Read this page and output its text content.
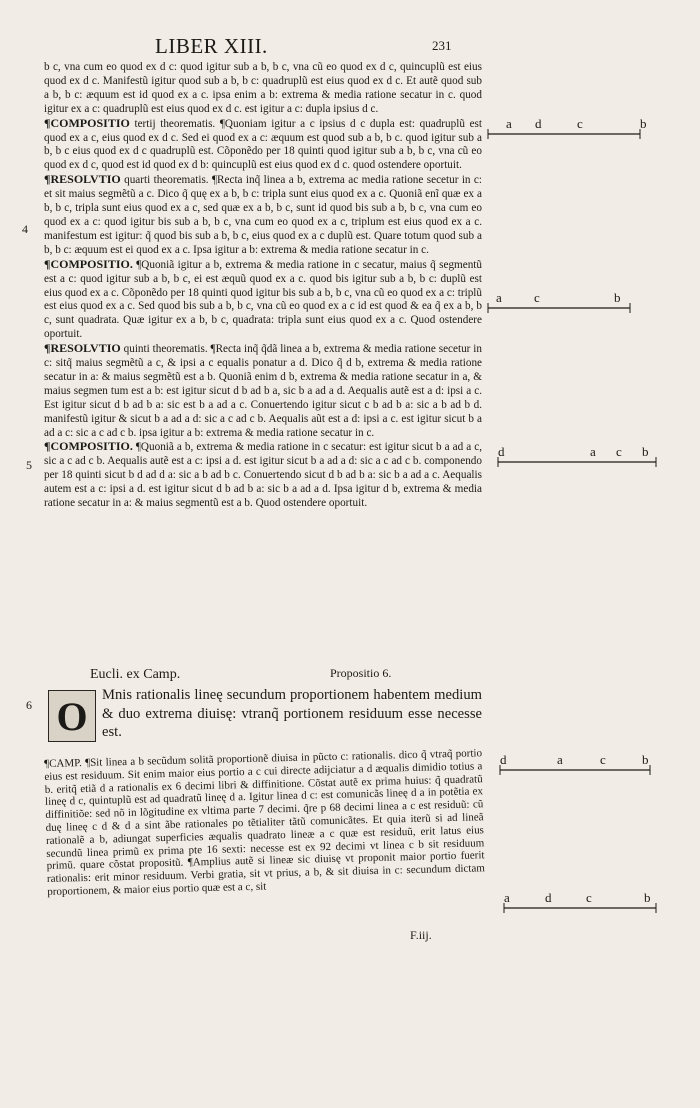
LIBER XIII.	231
4
5
6

b c, vna cum eo quod ex d c: quod igitur sub a b, b c, vna cũ eo quod ex d c, quincuplũ est eius quod ex d c. Manifestũ igitur quod sub a b, b c: quadruplũ est eius quod ex d c. Et autẽ quod sub a b, b c: æquum est id quod ex a c. ipsa enim a b: extrema & media ratione secatur in c. quod igitur ex a c: quadruplũ est eius quod ex d c. est igitur a c: dupla ipsius d c.

¶COMPOSITIO tertij theorematis. ¶Quoniam igitur a c ipsius d c dupla est: quadruplũ est quod ex a c, eius quod ex d c. Sed ei quod ex a c: æquum est quod sub a b, b c. quod igitur sub a b, b c eius quod ex d c quadruplũ est. Cõponẽdo per 18 quinti quod igitur sub a b, b c, vna cũ eo quod ex d c, quod est id quod ex d b: quincuplũ est eius quod ex d c. quod ostendere oportuit.

¶RESOLVTIO quarti theorematis. ¶Recta inq̃ linea a b, extrema ac media ratione secetur in c: et sit maius segmẽtũ a c. Dico q̃ quę ex a b, b c: tripla sunt eius quod ex a c. Quoniã enĩ quæ ex a b, b c, tripla sunt eius quod ex a c, sed quæ ex a b, b c, sunt id quod bis sub a b, b c, vna cum eo quod ex a c: quod igitur bis sub a b, b c, vna cum eo quod ex a c, triplum est eius quod ex a c. manifestum est igitur: q̃ quod bis sub a b, b c, eius quod ex a c duplũ est. Quare totum quod sub a b, b c: æquum est ei quod ex a c. Ipsa igitur a b: extrema & media ratione secatur in c.

¶COMPOSITIO. ¶Quoniã igitur a b, extrema & media ratione in c secatur, maius q̃ segmentũ est a c: quod igitur sub a b, b c, ei est æquũ quod ex a c. quod bis igitur sub a b, b c: duplũ est eius quod ex a c. Cõponẽdo per 18 quinti quod igitur bis sub a b, b c, vna cũ eo quod ex a c: triplũ est eius quod ex a c. Sed quod bis sub a b, b c, vna cũ eo quod ex a c id est quod & ea q̃ ex a b, b c, sunt quadrata. Quæ igitur ex a b, b c, quadrata: tripla sunt eius quod ex a c. Quod ostendere oportuit.

¶RESOLVTIO quinti theorematis. ¶Recta inq̃ q̃dã linea a b, extrema & media ratione secetur in c: sitq̃ maius segmẽtũ a c, & ipsi a c equalis ponatur a d. Dico q̃ d b, extrema & media ratione secatur in a: & maius segmẽtũ est a b. Quoniã enim d b, extrema & media ratione secatur in a, & maius segmen tum est a b: est igitur sicut d b ad b a, sic b a ad a d. Aequalis autẽ est a d: ipsi a c. Est igitur sicut d b ad b a: sic est b a ad a c. Conuertendo igitur sicut c b ad b a: sic a b ad b d. manifestũ igitur & sicut b a ad a d: sic a c ad c b. Aequalis aũt est a d: ipsi a c. est igitur sicut b a ad a c: sic a c ad c b. ipsa igitur a b: extrema & media ratione secatur in c.

¶COMPOSITIO. ¶Quoniã a b, extrema & media ratione in c secatur: est igitur sicut b a ad a c, sic a c ad c b. Aequalis autẽ est a c: ipsi a d. est igitur sicut b a ad a d: sic a c ad c b. componendo per 18 quinti sicut b d ad d a: sic a b ad b c. Conuertendo sicut d b ad b a: sic b a ad a c. Aequalis autem est a c: ipsi a d. est igitur sicut d b ad b a: sic b a ad a d. Ipsa igitur d b, extrema & media ratione secatur in a: & maius segmentũ est a b. Quod ostendere oportuit.

Eucli. ex Camp.	Propositio 6.
O Mnis rationalis lineę secundum proportionem habentem medium & duo extrema diuisę: vtranq̃ portionem residuum esse necesse est.
¶CAMP. ¶Sit linea a b secũdum solitã proportionẽ diuisa in pũcto c: rationalis. dico q̃ vtraq̃ portio eius est residuum. Sit enim maior eius portio a c cui directe adijciatur a d æqualis dimidio totius a b. eritq̃ etiã d a rationalis ex 6 decimi libri & diffinitione. Cõstat autẽ ex prima huius: q̃ quadratũ lineę d c, quintuplũ est ad quadratũ lineę d a. Igitur linea d c: est comunicãs lineę d a in potẽtia ex diffinitiõe: sed nõ in lõgitudine ex vltima parte 7 decimi. q̃re p 68 decimi linea a c est residuũ: cũ duę lineę c d & d a sint ãbe rationales po tẽtialiter tãtũ comunicãtes. Et quia iterũ si ad lineã rationalẽ a b, adiungat superficies æqualis quadrato lineæ a c quæ est residuũ, erit latus eius secundũ linea primũ ex prima pte 16 sexti: necesse est ex 92 decimi vt linea c b sit residuum primũ. quare cõstat propositũ. ¶Amplius autẽ si lineæ sic diuisę vt proponit maior portio fuerit rationalis: erit minor residuum. Verbi gratia, sit vt prius, a b, & sit diuisa in c: secundum dictam proportionem, & maior eius portio quæ est a c, sit
F.iij.
a d	c	b
a c	b
d	a c b
d	a	c	b
a	d	c	b
